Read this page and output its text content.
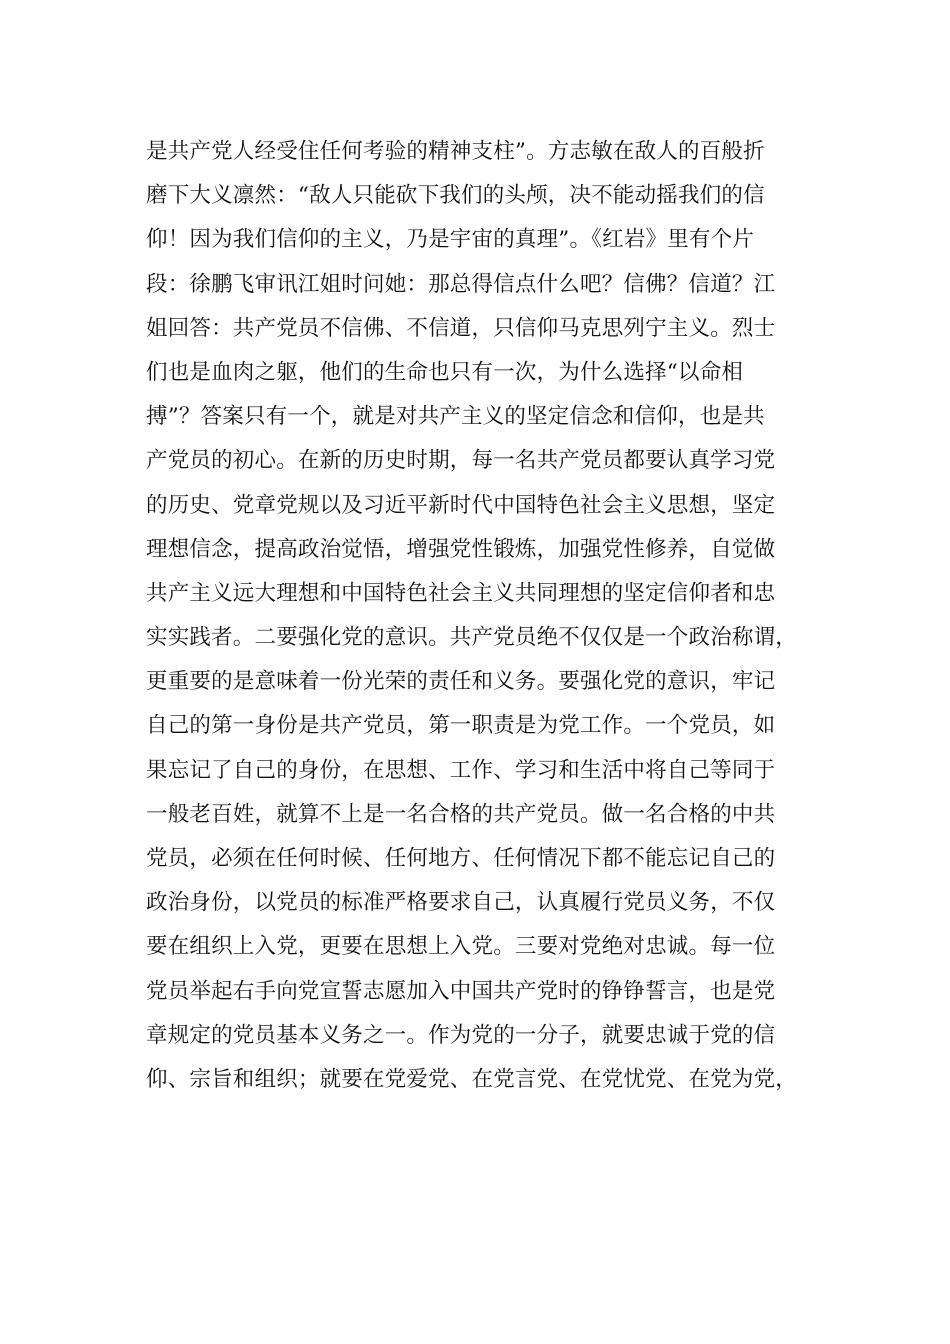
是共产党人经受住任何考验的精神支柱”。方志敏在敌人的百般折
磨下大义凛然：“敌人只能砍下我们的头颅，决不能动摇我们的信
仰！因为我们信仰的主义，乃是宇宙的真理”。《红岩》里有个片
段：徐鹏飞审讯江姐时问她：那总得信点什么吧？信佛？信道？江
姐回答：共产党员不信佛、不信道，只信仰马克思列宁主义。烈士
们也是血肉之躯，他们的生命也只有一次，为什么选择“以命相
搏”？答案只有一个，就是对共产主义的坚定信念和信仰，也是共
产党员的初心。在新的历史时期，每一名共产党员都要认真学习党
的历史、党章党规以及习近平新时代中国特色社会主义思想，坚定
理想信念，提高政治觉悟，增强党性锻炼，加强党性修养，自觉做
共产主义远大理想和中国特色社会主义共同理想的坚定信仰者和忠
实实践者。二要强化党的意识。共产党员绝不仅仅是一个政治称谓，
更重要的是意味着一份光荣的责任和义务。要强化党的意识，牢记
自己的第一身份是共产党员，第一职责是为党工作。一个党员，如
果忘记了自己的身份，在思想、工作、学习和生活中将自己等同于
一般老百姓，就算不上是一名合格的共产党员。做一名合格的中共
党员，必须在任何时候、任何地方、任何情况下都不能忘记自己的
政治身份，以党员的标准严格要求自己，认真履行党员义务，不仅
要在组织上入党，更要在思想上入党。三要对党绝对忠诚。每一位
党员举起右手向党宣誓志愿加入中国共产党时的铮铮誓言，也是党
章规定的党员基本义务之一。作为党的一分子，就要忠诚于党的信
仰、宗旨和组织；就要在党爱党、在党言党、在党忧党、在党为党，
